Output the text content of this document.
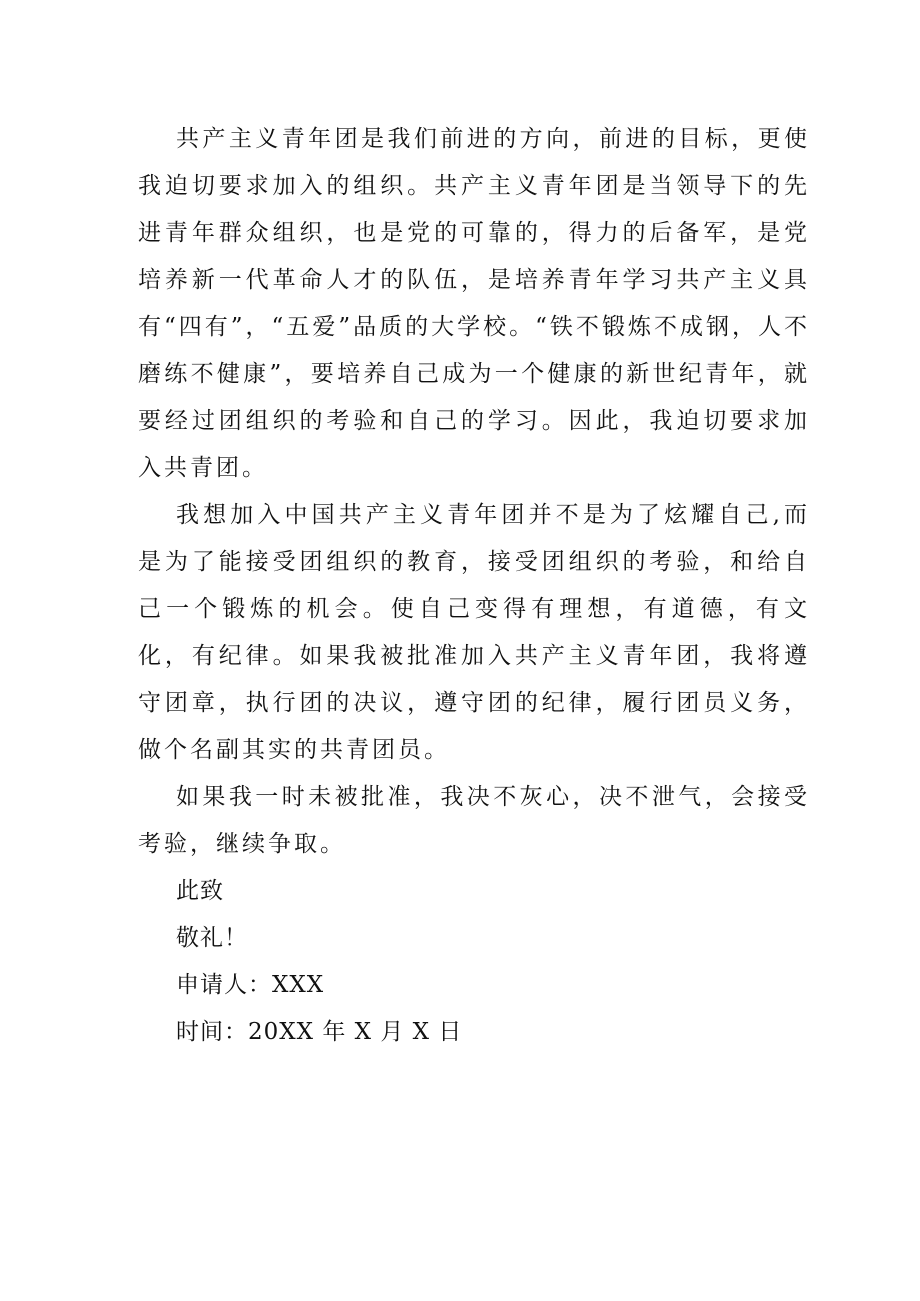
共产主义青年团是我们前进的方向，前进的目标，更使我迫切要求加入的组织。共产主义青年团是当领导下的先进青年群众组织，也是党的可靠的，得力的后备军，是党培养新一代革命人才的队伍，是培养青年学习共产主义具有“四有”，“五爱”品质的大学校。“铁不锻炼不成钢，人不磨练不健康”，要培养自己成为一个健康的新世纪青年，就要经过团组织的考验和自己的学习。因此，我迫切要求加入共青团。

我想加入中国共产主义青年团并不是为了炫耀自己,而是为了能接受团组织的教育，接受团组织的考验，和给自己一个锻炼的机会。使自己变得有理想，有道德，有文化，有纪律。如果我被批准加入共产主义青年团，我将遵守团章，执行团的决议，遵守团的纪律，履行团员义务，做个名副其实的共青团员。

如果我一时未被批准，我决不灰心，决不泄气，会接受考验，继续争取。

此致

敬礼！

申请人：XXX

时间：20XX 年 X 月 X 日
